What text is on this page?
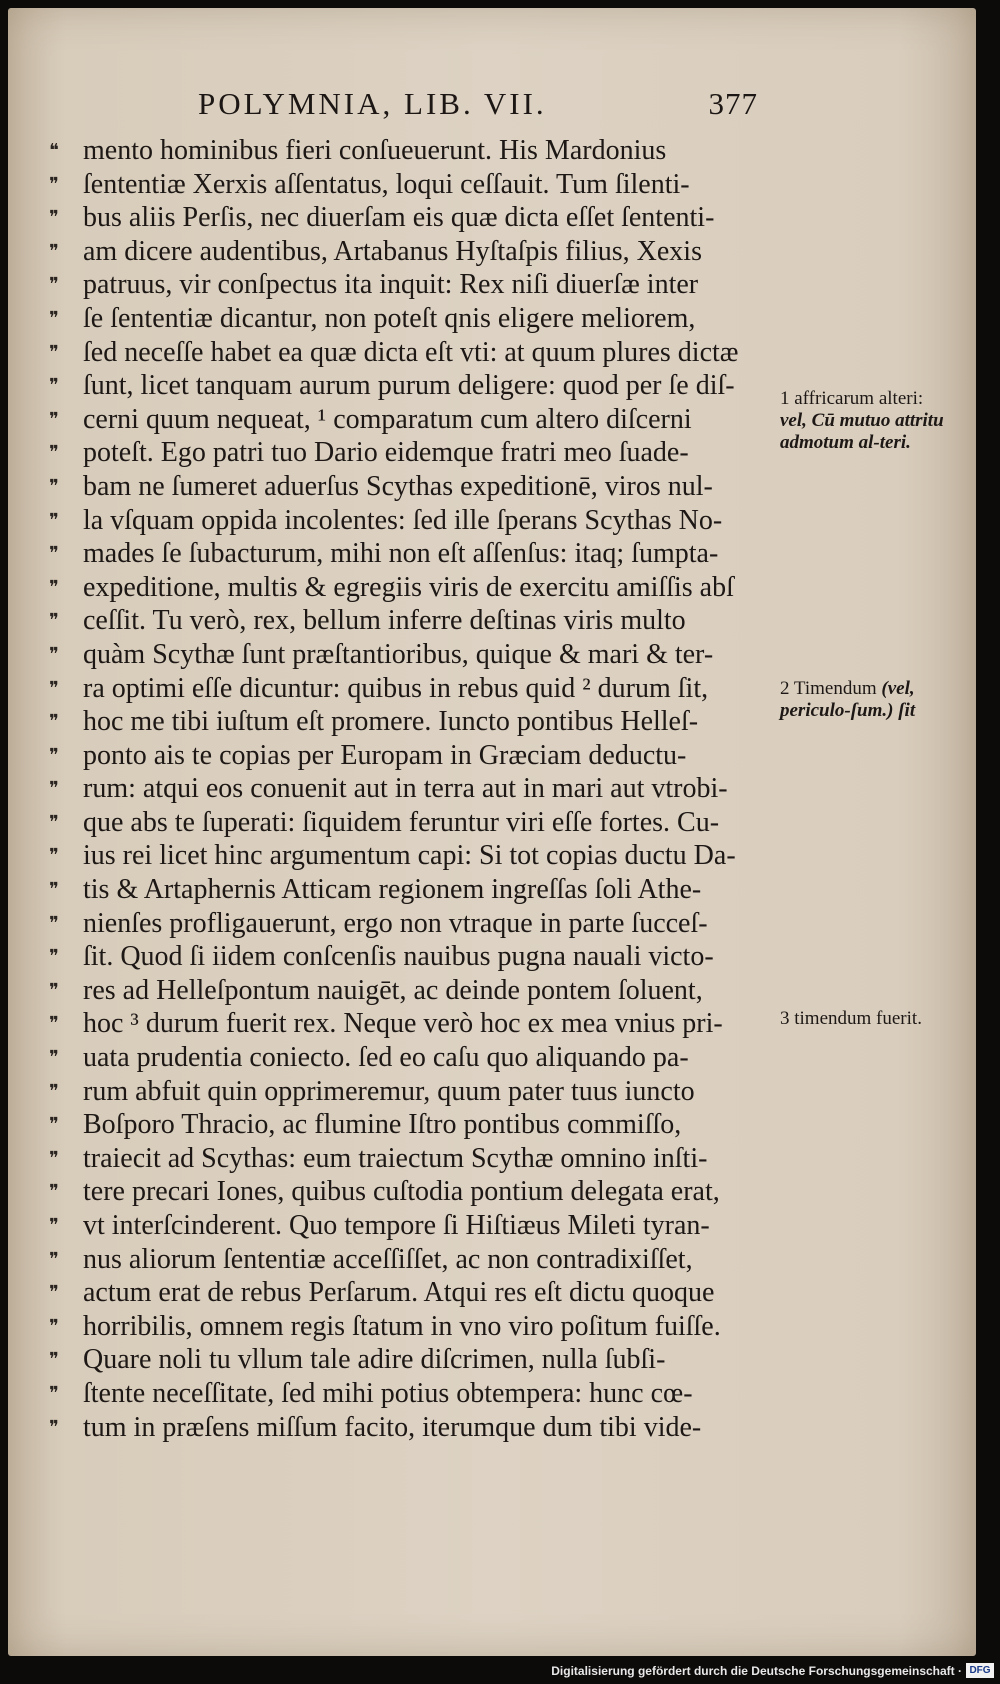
POLYMNIA, LIB. VII.	377
❝ mento hominibus fieri conſueuerunt. His Mardonius
❞ ſententiæ Xerxis aſſentatus, loqui ceſſauit. Tum ſilenti-
❞ bus aliis Perſis, nec diuerſam eis quæ dicta eſſet ſententi-
❞ am dicere audentibus, Artabanus Hyſtaſpis filius, Xexis
❞ patruus, vir conſpectus ita inquit: Rex niſi diuerſæ inter
❞ ſe ſententiæ dicantur, non poteſt qnis eligere meliorem,
❞ ſed neceſſe habet ea quæ dicta eſt vti: at quum plures dictæ
❞ ſunt, licet tanquam aurum purum deligere: quod per ſe diſ-
❞ cerni quum nequeat, ¹ comparatum cum altero diſcerni
❞ poteſt. Ego patri tuo Dario eidemque fratri meo ſuade-
❞ bam ne ſumeret aduerſus Scythas expeditionē, viros nul-
❞ la vſquam oppida incolentes: ſed ille ſperans Scythas No-
❞ mades ſe ſubacturum, mihi non eſt aſſenſus: itaq; ſumpta-
❞ expeditione, multis & egregiis viris de exercitu amiſſis abſ
❞ ceſſit. Tu verò, rex, bellum inferre deſtinas viris multo
❞ quàm Scythæ ſunt præſtantioribus, quique & mari & ter-
❞ ra optimi eſſe dicuntur: quibus in rebus quid ² durum ſit,
❞ hoc me tibi iuſtum eſt promere. Iuncto pontibus Helleſ-
❞ ponto ais te copias per Europam in Græciam deductu-
❞ rum: atqui eos conuenit aut in terra aut in mari aut vtrobi-
❞ que abs te ſuperati: ſiquidem feruntur viri eſſe fortes. Cu-
❞ ius rei licet hinc argumentum capi: Si tot copias ductu Da-
❞ tis & Artaphernis Atticam regionem ingreſſas ſoli Athe-
❞ nienſes profligauerunt, ergo non vtraque in parte ſucceſ-
❞ ſit. Quod ſi iidem conſcenſis nauibus pugna nauali victo-
❞ res ad Helleſpontum nauigēt, ac deinde pontem ſoluent,
❞ hoc ³ durum fuerit rex. Neque verò hoc ex mea vnius pri-
❞ uata prudentia coniecto. ſed eo caſu quo aliquando pa-
❞ rum abfuit quin opprimeremur, quum pater tuus iuncto
❞ Boſporo Thracio, ac flumine Iſtro pontibus commiſſo,
❞ traiecit ad Scythas: eum traiectum Scythæ omnino inſti-
❞ tere precari Iones, quibus cuſtodia pontium delegata erat,
❞ vt interſcinderent. Quo tempore ſi Hiſtiæus Mileti tyran-
❞ nus aliorum ſententiæ acceſſiſſet, ac non contradixiſſet,
❞ actum erat de rebus Perſarum. Atqui res eſt dictu quoque
❞ horribilis, omnem regis ſtatum in vno viro poſitum fuiſſe.
❞ Quare noli tu vllum tale adire diſcrimen, nulla ſubſi-
❞ ſtente neceſſitate, ſed mihi potius obtempera: hunc cœ-
❞ tum in præſens miſſum facito, iterumque dum tibi vide-
1 affricarum alteri: vel, Cū mutuo attritu admotum al-teri.
2 Timendum (vel, periculo-ſum.) ſit
3 timendum fuerit.
Digitalisierung gefördert durch die Deutsche Forschungsgemeinschaft · DFG
